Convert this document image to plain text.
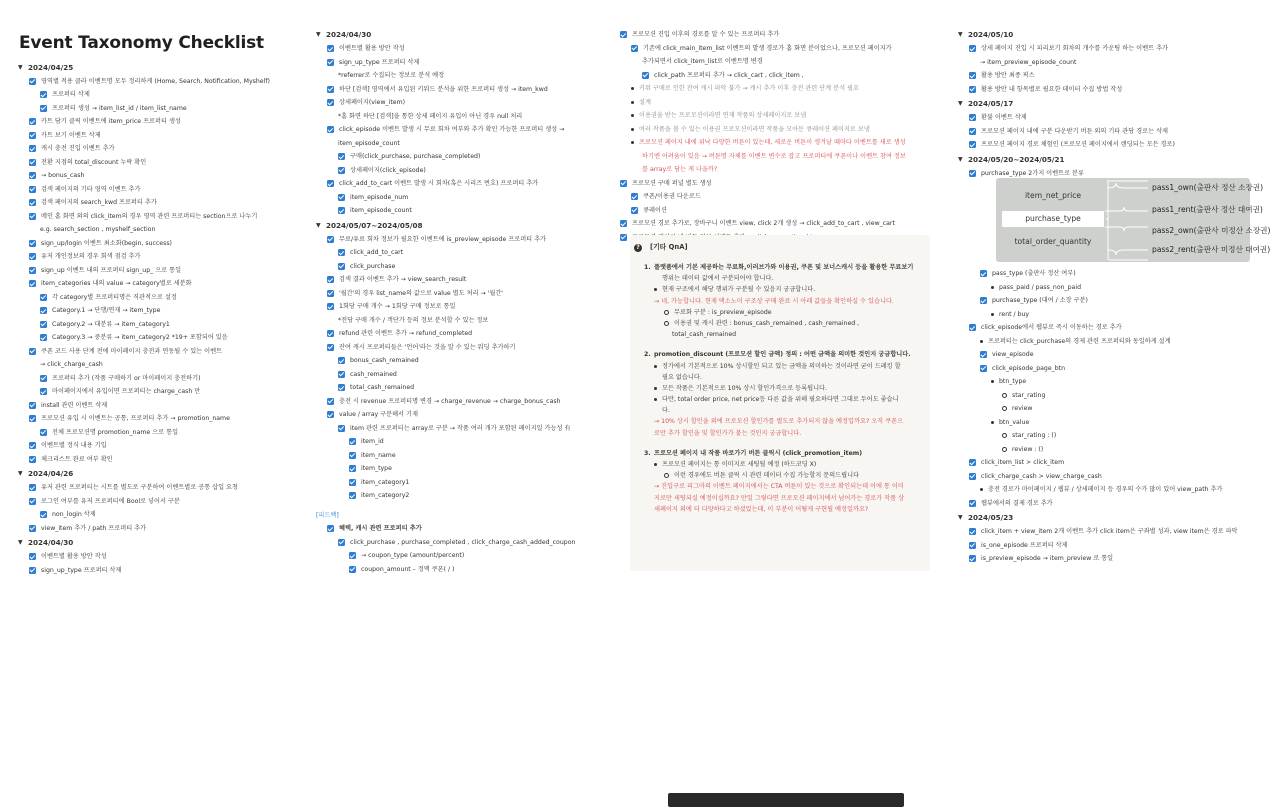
Event Taxonomy Checklist
▼ 2024/04/25
영역별 적용 클라 이벤트명 모두 정리하게 (Home, Search, Notification, Myshelf)
프로퍼티 삭제
프로퍼티 생성 → item_list_id / item_list_name
카트 담기 클릭 이벤트에 item_price 프로퍼티 생성
카트 보기 이벤트 삭제
캐시 충전 진입 이벤트 추가
전환 지점의 total_discount 누락 확인
→ bonus_cash
검색 페이지의 기타 영역 이벤트 추가
검색 페이지의 search_kwd 프로퍼티 추가
메인 홈 화면 외의 click_item의 경우 영역 관련 프로퍼티는 section으로 나누기
e.g. search_section , myshelf_section
sign_up/login 이벤트 최소화(begin, success)
유저 개인정보의 경우 회색 점검 추가
sign_up 이벤트 내의 프로퍼티 sign_up_ 으로 통일
item_categories 내의 value → category별로 세분화
각 category별 프로퍼티명은 직관적으로 설정
Category.1 → 단행/연재 → item_type
Category.2 → 대분류 → item_category1
Category.3 → 중분류 → item_category2 *19+ 포함되어 있음
쿠폰 코드 사용 단계 전에 마이페이지 충전과 연동될 수 있는 이벤트
→ click_charge_cash
프로퍼티 추가 (작품 구매하기 or 마이페이지 충전하기)
마이페이지에서 유입이면 프로퍼티는 charge_cash 만
install 관련 이벤트 삭제
프로모션 유입 시 이벤트는 공통, 프로퍼티 추가 → promotion_name
전체 프로모션명 promotion_name 으로 통일
이벤트별 정식 내용 기입
체크리스트 완료 여부 확인
▼ 2024/04/26
유저 관련 프로퍼티는 시트를 별도로 구분하여 이벤트별로 공통 삽입 요청
로그인 여부를 유저 프로퍼티에 Bool로 넣어서 구분
non_login 삭제
view_item 추가 / path 프로퍼티 추가
▼ 2024/04/30
이벤트별 활용 방안 작성
sign_up_type 프로퍼티 삭제
▼ 2024/04/30
이벤트별 활용 방안 작성
sign_up_type 프로퍼티 삭제
*referrer로 수집되는 정보로 분석 예정
하단 [검색] 영역에서 유입된 키워드 분석을 위한 프로퍼티 생성 → item_kwd
상세페이지(view_item)
*홈 화면 하단 [검색]을 통한 상세 페이지 유입이 아닌 경우 null 처리
click_episode 이벤트 발생 시 무료 회차 여부와 추가 확인 가능한 프로퍼티 생성 →
item_episode_count
구매(click_purchase, purchase_completed)
상세페이지(click_episode)
click_add_to_cart 이벤트 발생 시 회차(혹은 시리즈 번호) 프로퍼티 추가
item_episode_num
item_episode_count
▼ 2024/05/07~2024/05/08
무료/유료 회차 정보가 필요한 이벤트에 is_preview_episode 프로퍼티 추가
click_add_to_cart
click_purchase
검색 결과 이벤트 추가 → view_search_result
'월간'의 경우 list_name의 값으로 value 별도 처리 → '월간'
1회당 구매 개수 → 1회당 구매 정보로 통일
*전당 구매 개수 / 객단가 등의 정보 분석할 수 있는 정보
refund 관련 이벤트 추가 → refund_completed
잔여 캐시 프로퍼티들은 '언어'라는 것을 알 수 있는 워딩 추가하기
bonus_cash_remained
cash_remained
total_cash_remained
충전 시 revenue 프로퍼티명 변경 → charge_revenue → charge_bonus_cash
value / array 구분해서 기재
item 관련 프로퍼티는 array로 구분 → 작품 여러 개가 포함된 페이지일 가능성 有
item_id
item_name
item_type
item_category1
item_category2
[피드백]
혜택, 캐시 관련 프로퍼티 추가
click_purchase , purchase_completed , click_charge_cash_added_coupon
→ coupon_type (amount/percent)
coupon_amount – 정액 쿠폰( / )
프로모션 진입 이후의 경로를 알 수 있는 프로퍼티 추가
기존에 click_main_item_list 이벤트의 발생 경로가 홈 화면 분이었으나, 프로모션 페이지가
추가되면서 click_item_list로 이벤트명 변경
click_path 프로퍼티 추가 → click_cart , click_item ,
키워 구매로 인한 잔여 캐시 파악 불가 → 캐시 추가 이후 충전 관련 단계 분석 필요
설계
이용권을 받는 프로모션이라면 연재 작품의 상세페이지로 보냄
여러 작품을 볼 수 있는 이용권 프로모션이라면 작품을 모아둔 큐레이션 페이지로 보냄
프로모션 페이지 내에 위낙 다양한 버튼이 있는데, 새로운 버튼이 생겨날 때마다 이벤트를 새로 생성
하기엔 어려움이 있음 → 버튼명 자체를 이벤트 변수로 잡고 프로퍼티에 쿠폰이나 이벤트 참여 정보
를 array로 담는 게 나을까?
프로모션 구매 퍼널 별도 생성
쿠폰/이용권 다운로드
큐레이션
프로모션 경로 추가로, 장바구니 이벤트 view, click 2개 생성 → click_add_to_cart , view_cart
?	[기타 QnA]
1. 플랫폼에서 기본 제공하는 무료화,이러브가와 이용권, 쿠폰 및 보너스캐시 등을 활용한 무료보기
행위는 데이터 값에서 구분되어야 합니다.
현재 구조에서 해당 행위가 구분될 수 있음지 궁금합니다.
→ 네, 가능합니다. 현재 택소노미 구조상 구매 완료 시 아래 값들을 확인하실 수 있습니다.
무료화 구분 : is_preview_episode
이용권 및 캐시 관련 : bonus_cash_remained , cash_remained ,
total_cash_remained
2. promotion_discount (프로모션 할인 금액) 정의 : 어떤 금액을 의미한 것인지 궁금합니다.
정가에서 기본적으로 10% 상시할인 되고 있는 금액을 의미하는 것이라면 굳이 드레킹 할
필요 없습니다.
모든 작품은 기본적으로 10% 상시 할인가격으로 등록됩니다.
다만, total order price, net price등 다른 값을 위해 필요하다면 그대로 두어도 좋습니
다.
→ 10% 상시 할인을 외에 프로모션 할인가를 별도로 추가되지 않을 예정입까요? 오직 쿠폰으
로만 추가 할인을 및 할인가가 붙는 것인지 궁금합니다.
3. 프로모션 페이지 내 작품 바로가기 버튼 클릭시 (click_promotion_item)
프로모션 페이지는 통 이미지로 세팅될 예정 (하드코딩 X)
이런 경우에도 버튼 클릭 시 관련 데이터 수집 가능할지 문의드립니다
→ 진입구로 피그마의 이벤트 페이지에서는 CTA 버튼이 있는 것으로 확인되는데 이에 통 이미
지로만 세팅되실 예정이십까요? 만일 그렇다면 프로모션 페이지에서 넘어가는 경로가 작품 상
세페이지 외에 더 다양하다고 하셨었는데, 이 부분이 어떻게 구현될 예정일까요?
▼ 2024/05/10
상세 페이지 진입 시 피리보기 회차의 개수를 카운팅 하는 이벤트 추가
→ item_preview_episode_count
활용 방안 최종 픽스
활용 방안 내 항목별로 필요한 데이터 수집 방법 작성
▼ 2024/05/17
환불 이벤트 삭제
프로모션 페이지 내에 구분 다운받기 버튼 외의 기타 관당 경로는 삭제
프로모션 페이지 경로 체험인 (프로모션 페이지에서 랜딩되는 모든 경로)
▼ 2024/05/20~2024/05/21
purchase_type 2가지 이벤트로 분류
item_net_price
purchase_type
total_order_quantity
pass1_own(출판사 정산 소장권)
pass1_rent(출판사 정산 대여권)
pass2_own(출판사 미정산 소장권)
pass2_rent(출판사 미정산 대여권)
pass_type (출판사 정산 여부)
pass_paid / pass_non_paid
purchase_type (대여 / 소장 구분)
rent / buy
click_episode에서 웹뷰로 즉시 이동하는 경로 추가
프로퍼티는 click_purchase의 경제 관련 프로퍼티와 동일하게 설계
view_episode
click_episode_page_btn
btn_type
star_rating
review
btn_value
star_rating : ()
review : ()
click_item_list > click_item
click_charge_cash > view_charge_cash
충전 경로가 마이페이지 / 웹뷰 / 상세페이지 등 경우의 수가 많이 있어 view_path 추가
웹뷰에서의 결제 경로 추가
▼ 2024/05/23
click_item + view_item 2개 이벤트 추가 click item은 구좌별 성과, view item은 경로 파악
is_one_episode 프로퍼티 삭제
is_preview_episode → item_preview 로 통일
